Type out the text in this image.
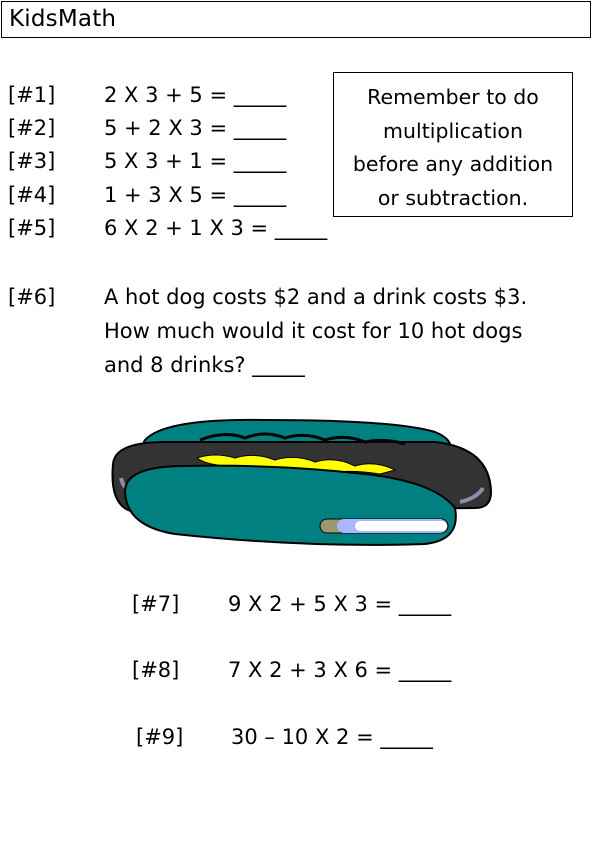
KidsMath
[#1] 2 X 3 + 5 = _____
[#2] 5 + 2 X 3 = _____
[#3] 5 X 3 + 1 = _____
[#4] 1 + 3 X 5 = _____
[#5] 6 X 2 + 1 X 3 = _____
Remember to do
multiplication
before any addition
or subtraction.
[#6] A hot dog costs $2 and a drink costs $3.
How much would it cost for 10 hot dogs
and 8 drinks? _____
[#7] 9 X 2 + 5 X 3 = _____
[#8] 7 X 2 + 3 X 6 = _____
[#9] 30 – 10 X 2 = _____
